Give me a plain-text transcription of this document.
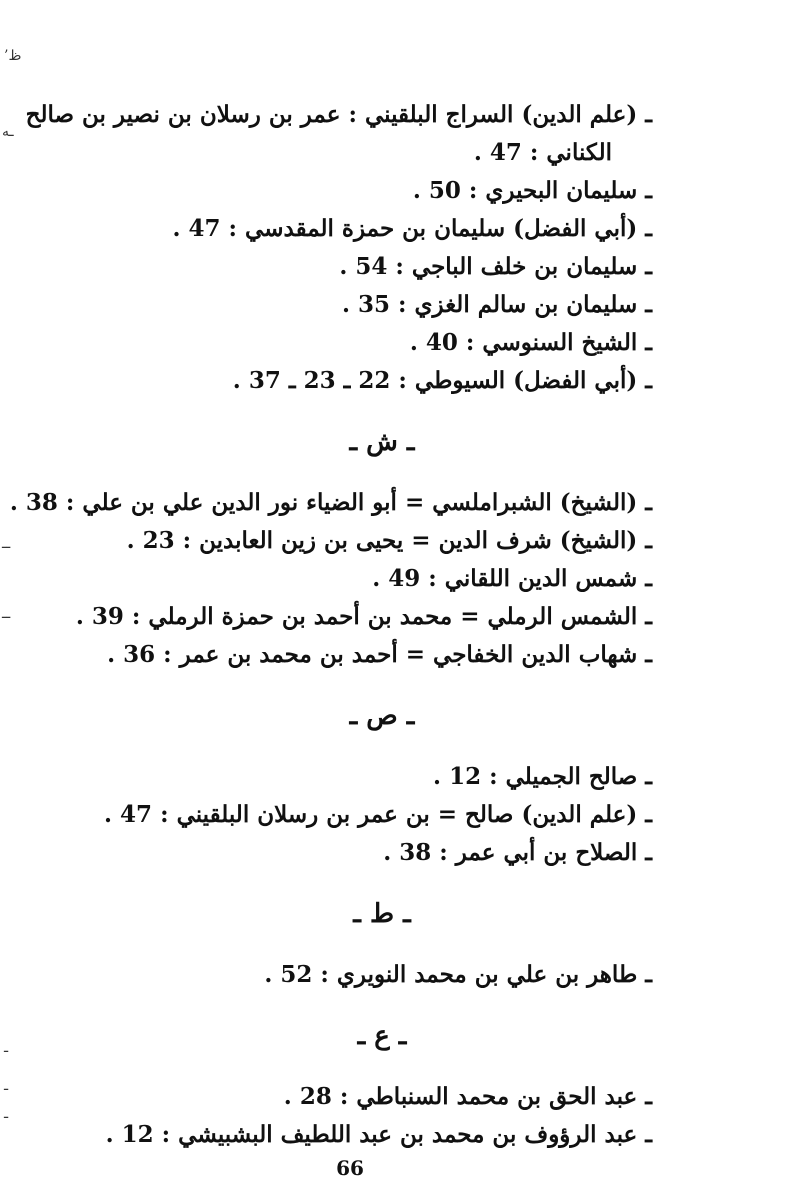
’ظ
ـه
ــ
ــ
ـ
ـ
ـ
ـ (علم الدين) السراج البلقيني : عمر بن رسلان بن نصير بن صالح
الكناني : 47 .
ـ سليمان البحيري : 50 .
ـ (أبي الفضل) سليمان بن حمزة المقدسي : 47 .
ـ سليمان بن خلف الباجي : 54 .
ـ سليمان بن سالم الغزي : 35 .
ـ الشيخ السنوسي : 40 .
ـ (أبي الفضل) السيوطي : 22 ـ 23 ـ 37 .
ـ ش ـ
ـ (الشيخ) الشبراملسي = أبو الضياء نور الدين علي بن علي : 38 .
ـ (الشيخ) شرف الدين = يحيى بن زين العابدين : 23 .
ـ شمس الدين اللقاني : 49 .
ـ الشمس الرملي = محمد بن أحمد بن حمزة الرملي : 39 .
ـ شهاب الدين الخفاجي = أحمد بن محمد بن عمر : 36 .
ـ ص ـ
ـ صالح الجميلي : 12 .
ـ (علم الدين) صالح = بن عمر بن رسلان البلقيني : 47 .
ـ الصلاح بن أبي عمر : 38 .
ـ ط ـ
ـ طاهر بن علي بن محمد النويري : 52 .
ـ ع ـ
ـ عبد الحق بن محمد السنباطي : 28 .
ـ عبد الرؤوف بن محمد بن عبد اللطيف البشبيشي : 12 .
66
